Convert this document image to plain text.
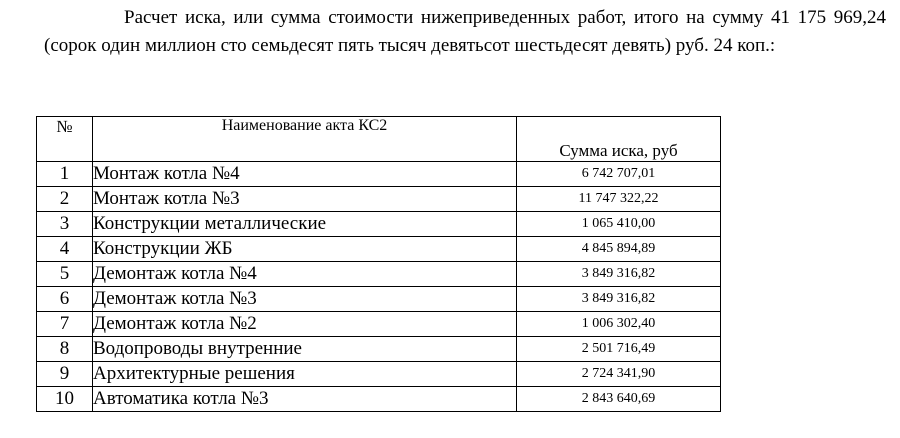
Расчет иска, или сумма стоимости нижеприведенных работ, итого на сумму 41 175 969,24 (сорок один миллион сто семьдесят пять тысяч девятьсот шестьдесят девять) руб. 24 коп.:

№	Наименование акта КС2	Сумма иска, руб
1	Монтаж котла №4	6 742 707,01
2	Монтаж котла №3	11 747 322,22
3	Конструкции металлические	1 065 410,00
4	Конструкции ЖБ	4 845 894,89
5	Демонтаж котла №4	3 849 316,82
6	Демонтаж котла №3	3 849 316,82
7	Демонтаж котла №2	1 006 302,40
8	Водопроводы внутренние	2 501 716,49
9	Архитектурные решения	2 724 341,90
10	Автоматика котла №3	2 843 640,69
